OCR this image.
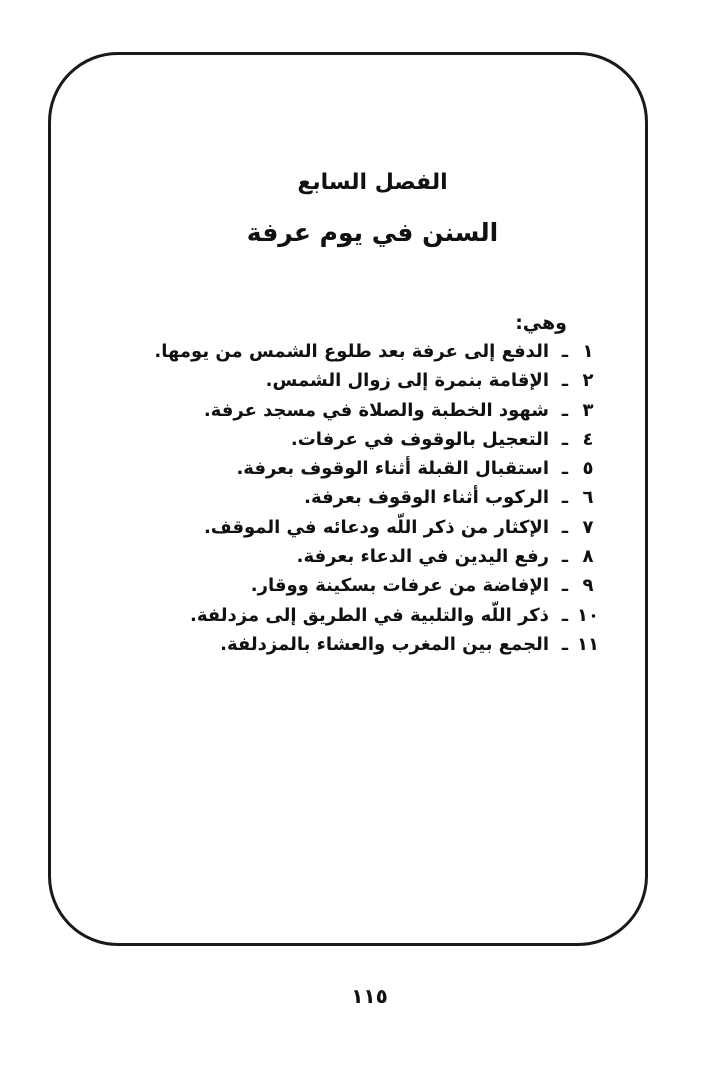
الفصل السابع
السنن في يوم عرفة
وهي:
١
ـ
الدفع إلى عرفة بعد طلوع الشمس من يومها.
٢
ـ
الإقامة بنمرة إلى زوال الشمس.
٣
ـ
شهود الخطبة والصلاة في مسجد عرفة.
٤
ـ
التعجيل بالوقوف في عرفات.
٥
ـ
استقبال القبلة أثناء الوقوف بعرفة.
٦
ـ
الركوب أثناء الوقوف بعرفة.
٧
ـ
الإكثار من ذكر اللّه ودعائه في الموقف.
٨
ـ
رفع اليدين في الدعاء بعرفة.
٩
ـ
الإفاضة من عرفات بسكينة ووقار.
١٠
ـ
ذكر اللّه والتلبية في الطريق إلى مزدلفة.
١١
ـ
الجمع بين المغرب والعشاء بالمزدلفة.
١١٥
